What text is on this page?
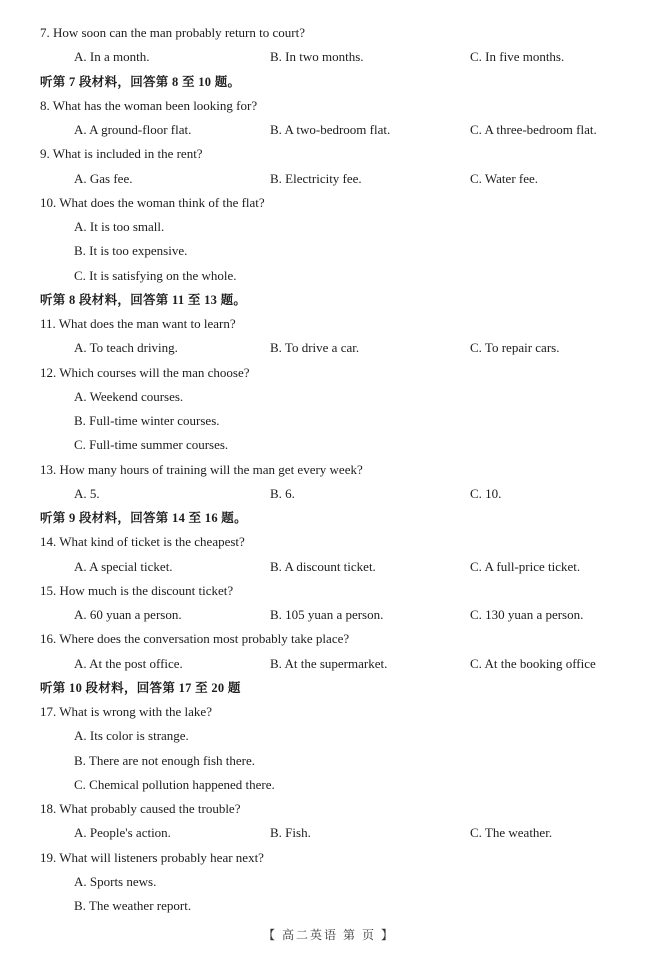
7. How soon can the man probably return to court?
A. In a month.	B. In two months.	C. In five months.
听第 7 段材料，回答第 8 至 10 题。
8. What has the woman been looking for?
A. A ground-floor flat.	B. A two-bedroom flat.	C. A three-bedroom flat.
9. What is included in the rent?
A. Gas fee.	B. Electricity fee.	C. Water fee.
10. What does the woman think of the flat?
A. It is too small.
B. It is too expensive.
C. It is satisfying on the whole.
听第 8 段材料，回答第 11 至 13 题。
11. What does the man want to learn?
A. To teach driving.	B. To drive a car.	C. To repair cars.
12. Which courses will the man choose?
A. Weekend courses.
B. Full-time winter courses.
C. Full-time summer courses.
13. How many hours of training will the man get every week?
A. 5.	B. 6.	C. 10.
听第 9 段材料，回答第 14 至 16 题。
14. What kind of ticket is the cheapest?
A. A special ticket.	B. A discount ticket.	C. A full-price ticket.
15. How much is the discount ticket?
A. 60 yuan a person.	B. 105 yuan a person.	C. 130 yuan a person.
16. Where does the conversation most probably take place?
A. At the post office.	B. At the supermarket.	C. At the booking office
听第 10 段材料，回答第 17 至 20 题
17. What is wrong with the lake?
A. Its color is strange.
B. There are not enough fish there.
C. Chemical pollution happened there.
18. What probably caused the trouble?
A. People's action.	B. Fish.	C. The weather.
19. What will listeners probably hear next?
A. Sports news.
B. The weather report.
【 高二英语 第 页 】
